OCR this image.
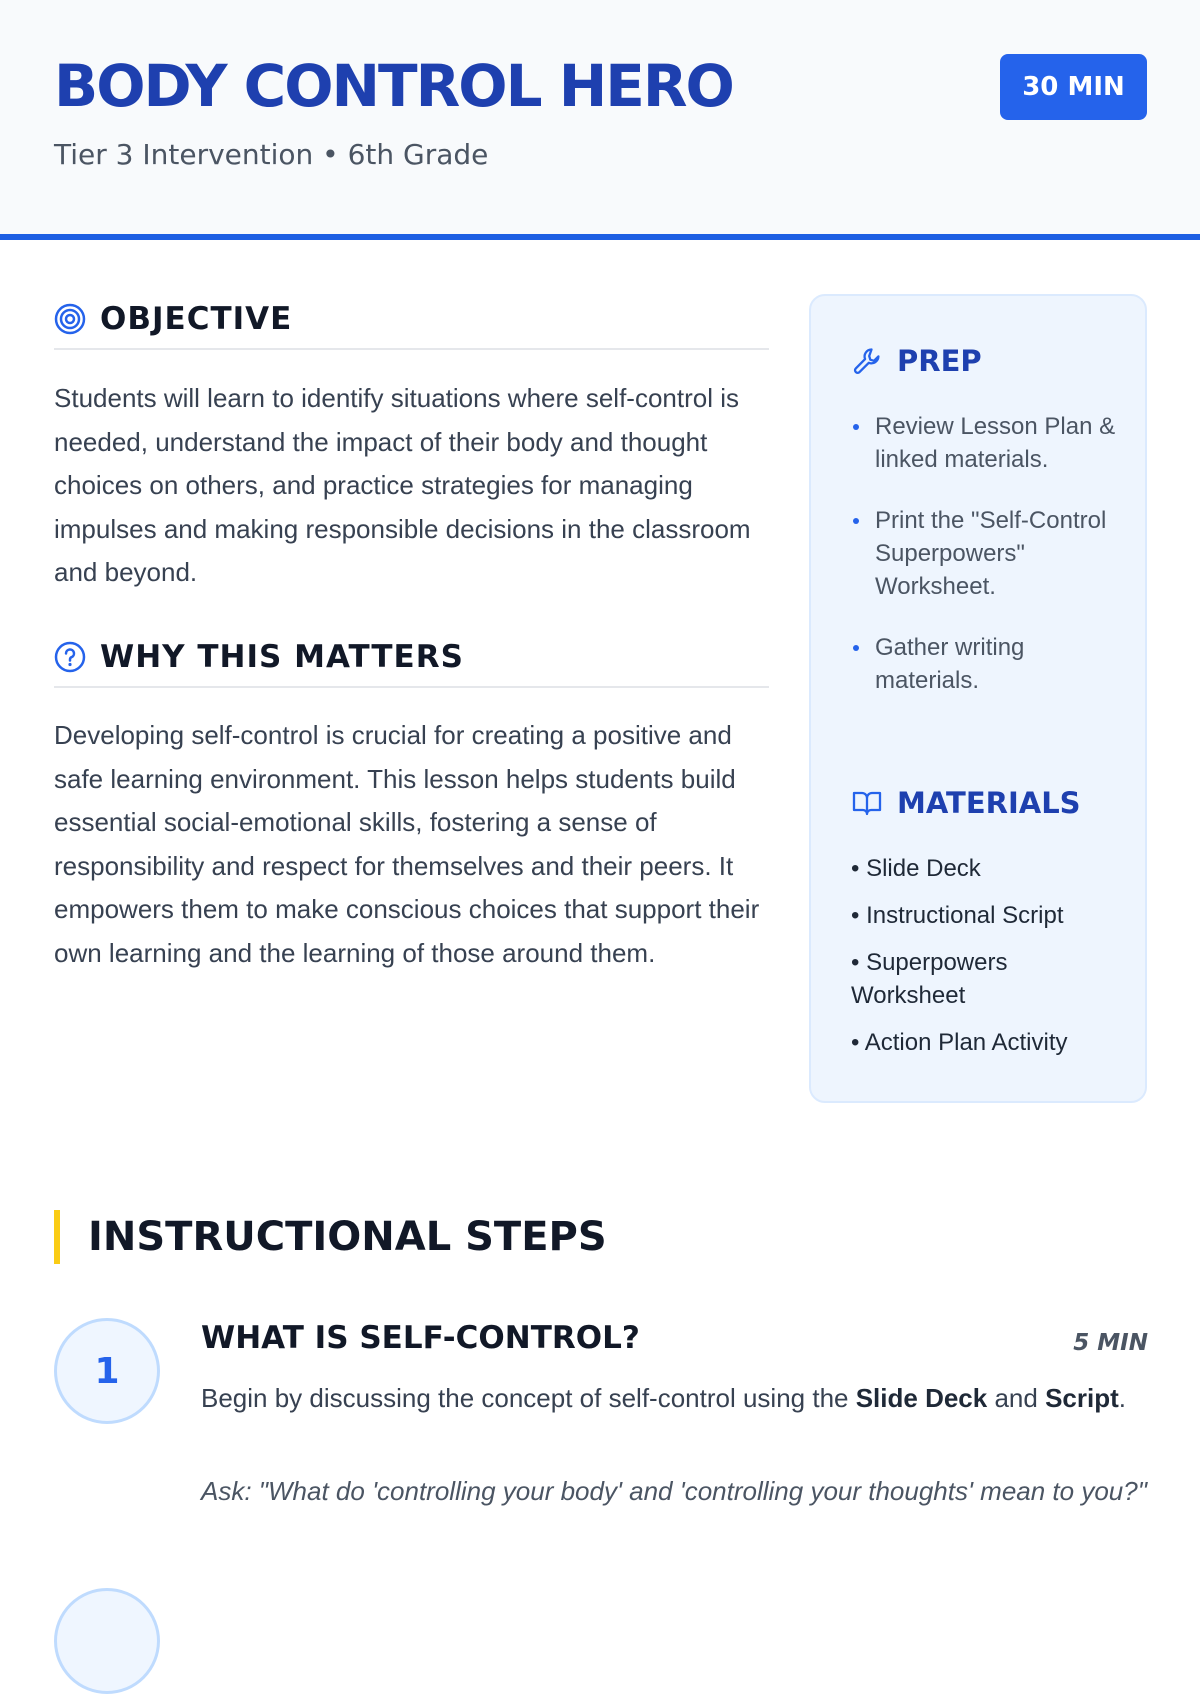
BODY CONTROL HERO
Tier 3 Intervention • 6th Grade
30 MIN
OBJECTIVE

Students will learn to identify situations where self-control is needed, understand the impact of their body and thought choices on others, and practice strategies for managing impulses and making responsible decisions in the classroom and beyond.

WHY THIS MATTERS

Developing self-control is crucial for creating a positive and safe learning environment. This lesson helps students build essential social-emotional skills, fostering a sense of responsibility and respect for themselves and their peers. It empowers them to make conscious choices that support their own learning and the learning of those around them.

PREP
Review Lesson Plan & linked materials.
Print the "Self-Control Superpowers" Worksheet.
Gather writing materials.
MATERIALS
• Slide Deck
• Instructional Script
• Superpowers Worksheet
• Action Plan Activity
INSTRUCTIONAL STEPS
1
WHAT IS SELF-CONTROL?	5 MIN

Begin by discussing the concept of self-control using the Slide Deck and Script.

Ask: "What do 'controlling your body' and 'controlling your thoughts' mean to you?"
